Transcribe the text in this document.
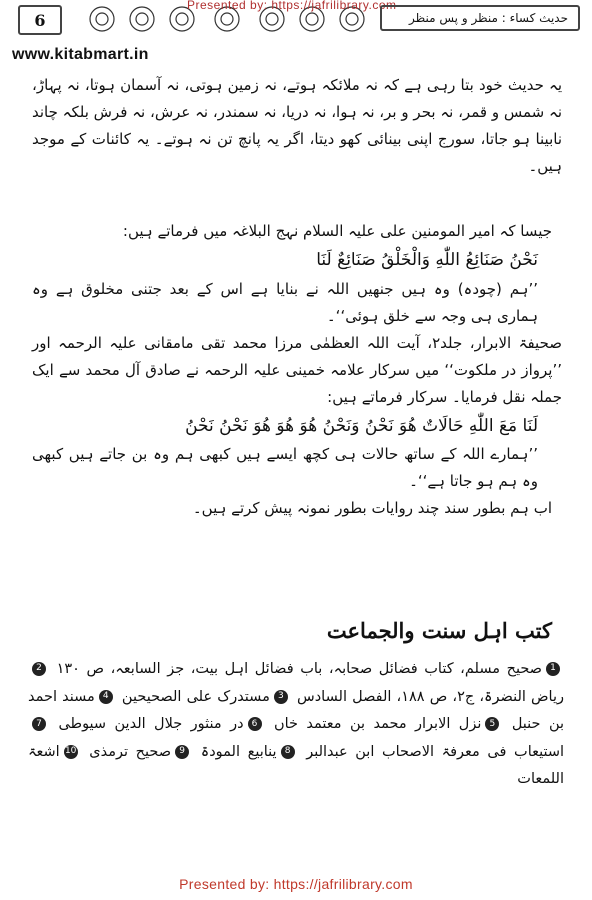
6
Presented by: https://jafrilibrary.com
حدیث کساء : منظر و پس منظر
www.kitabmart.in
یہ حدیث خود بتا رہی ہے کہ نہ ملائکہ ہوتے، نہ زمین ہوتی، نہ آسمان ہوتا، نہ پہاڑ، نہ شمس و قمر، نہ بحر و بر، نہ ہوا، نہ دریا، نہ سمندر، نہ عرش، نہ فرش بلکہ چاند نابینا ہو جاتا، سورج اپنی بینائی کھو دیتا، اگر یہ پانچ تن نہ ہوتے۔ یہ کائنات کے موجد ہیں۔
جیسا کہ امیر المومنین علی علیہ السلام نہج البلاغہ میں فرماتے ہیں:
نَحْنُ صَنَائِعُ اللّٰهِ وَالْخَلْقُ صَنَائِعٌ لَنَا
’’ہم (چودہ) وہ ہیں جنھیں اللہ نے بنایا ہے اس کے بعد جتنی مخلوق ہے وہ ہماری ہی وجہ سے خلق ہوئی‘‘۔
صحیفۃ الابرار، جلد۲، آیت اللہ العظمٰی مرزا محمد تقی مامقانی علیہ الرحمہ اور ’’پرواز در ملکوت‘‘ میں سرکار علامہ خمینی علیہ الرحمہ نے صادق آل محمد سے ایک جملہ نقل فرمایا۔ سرکار فرماتے ہیں:
لَنَا مَعَ اللّٰهِ حَالَاتٌ هُوَ نَحْنُ وَنَحْنُ هُوَ هُوَ هُوَ نَحْنُ نَحْنُ
’’ہمارے اللہ کے ساتھ حالات ہی کچھ ایسے ہیں کبھی ہم وہ بن جاتے ہیں کبھی وہ ہم ہو جاتا ہے‘‘۔
اب ہم بطور سند چند روایات بطور نمونہ پیش کرتے ہیں۔
کتب اہل سنت والجماعت
1صحیح مسلم، کتاب فضائل صحابہ، باب فضائل اہل بیت، جز السابعہ، ص ۱۳۰ 2ریاض النضرۃ، ج۲، ص ۱۸۸، الفصل السادس 3مستدرک علی الصحیحین 4مسند احمد بن حنبل 5نزل الابرار محمد بن معتمد خاں 6در منثور جلال الدین سیوطی 7استیعاب فی معرفۃ الاصحاب ابن عبدالبر 8ینابیع المودۃ 9صحیح ترمذی 10اشعۃ اللمعات
Presented by: https://jafrilibrary.com
